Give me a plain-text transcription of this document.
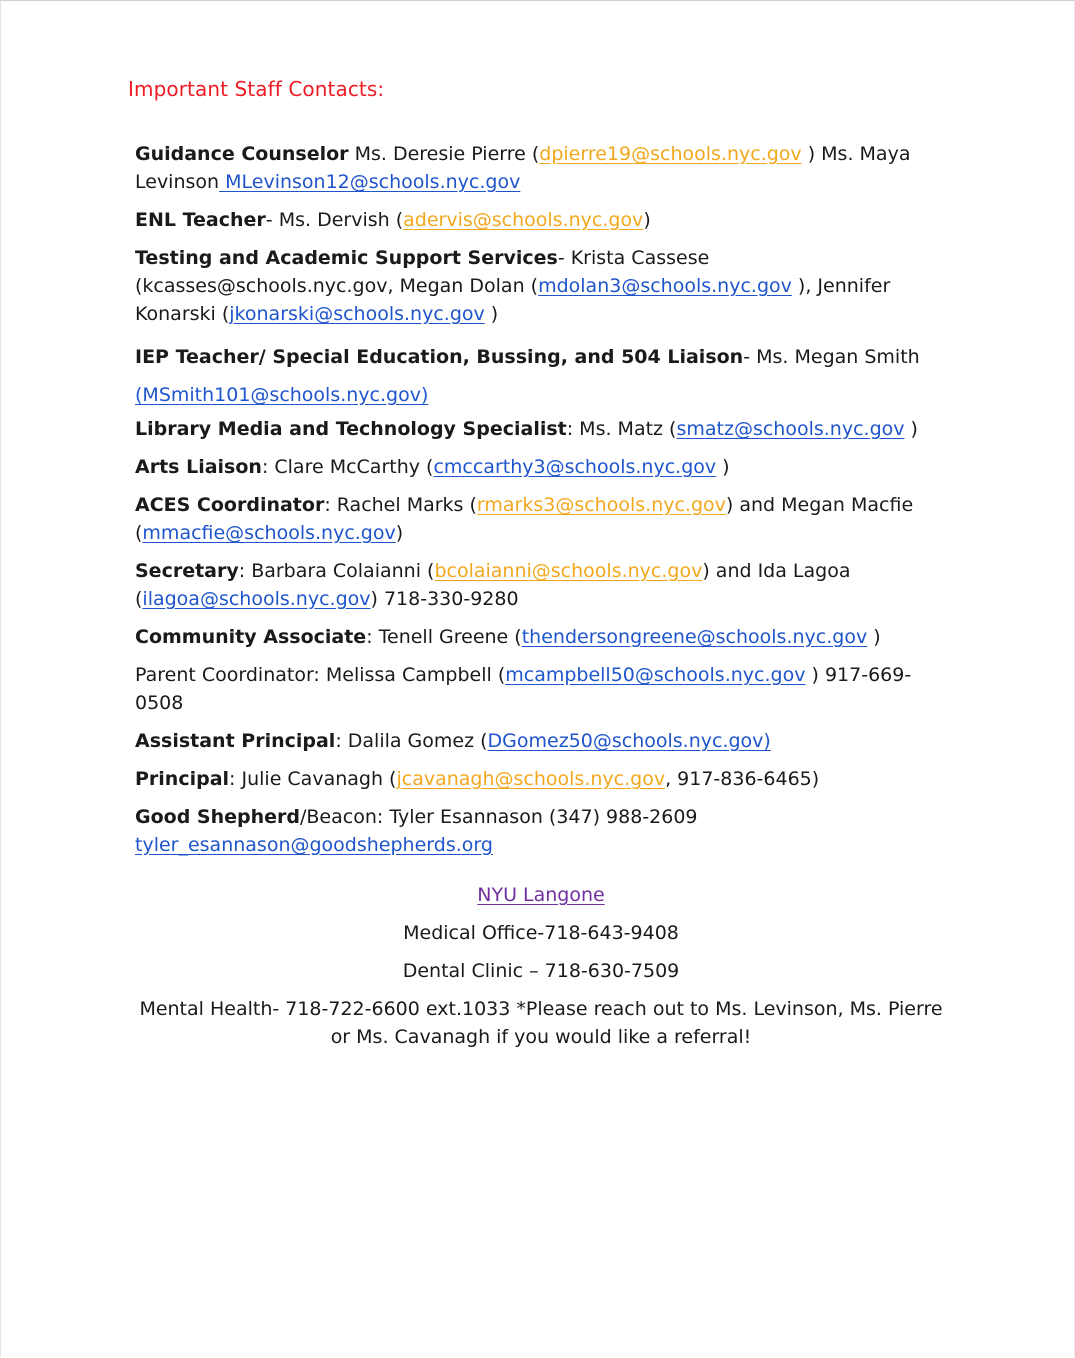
Important Staff Contacts:
Guidance Counselor Ms. Deresie Pierre (dpierre19@schools.nyc.gov ) Ms. Maya Levinson MLevinson12@schools.nyc.gov
ENL Teacher- Ms. Dervish (adervis@schools.nyc.gov)
Testing and Academic Support Services- Krista Cassese (kcasses@schools.nyc.gov, Megan Dolan (mdolan3@schools.nyc.gov ), Jennifer Konarski (jkonarski@schools.nyc.gov )
IEP Teacher/ Special Education, Bussing, and 504 Liaison- Ms. Megan Smith
(MSmith101@schools.nyc.gov)
Library Media and Technology Specialist: Ms. Matz (smatz@schools.nyc.gov )
Arts Liaison: Clare McCarthy (cmccarthy3@schools.nyc.gov )
ACES Coordinator: Rachel Marks (rmarks3@schools.nyc.gov) and Megan Macfie (mmacfie@schools.nyc.gov)
Secretary: Barbara Colaianni (bcolaianni@schools.nyc.gov) and Ida Lagoa (ilagoa@schools.nyc.gov) 718-330-9280
Community Associate: Tenell Greene (thendersongreene@schools.nyc.gov )
Parent Coordinator: Melissa Campbell (mcampbell50@schools.nyc.gov ) 917-669-0508
Assistant Principal: Dalila Gomez (DGomez50@schools.nyc.gov)
Principal: Julie Cavanagh (jcavanagh@schools.nyc.gov, 917-836-6465)
Good Shepherd/Beacon: Tyler Esannason (347) 988-2609
tyler_esannason@goodshepherds.org
NYU Langone
Medical Office-718-643-9408
Dental Clinic – 718-630-7509
Mental Health- 718-722-6600 ext.1033 *Please reach out to Ms. Levinson, Ms. Pierre or Ms. Cavanagh if you would like a referral!
